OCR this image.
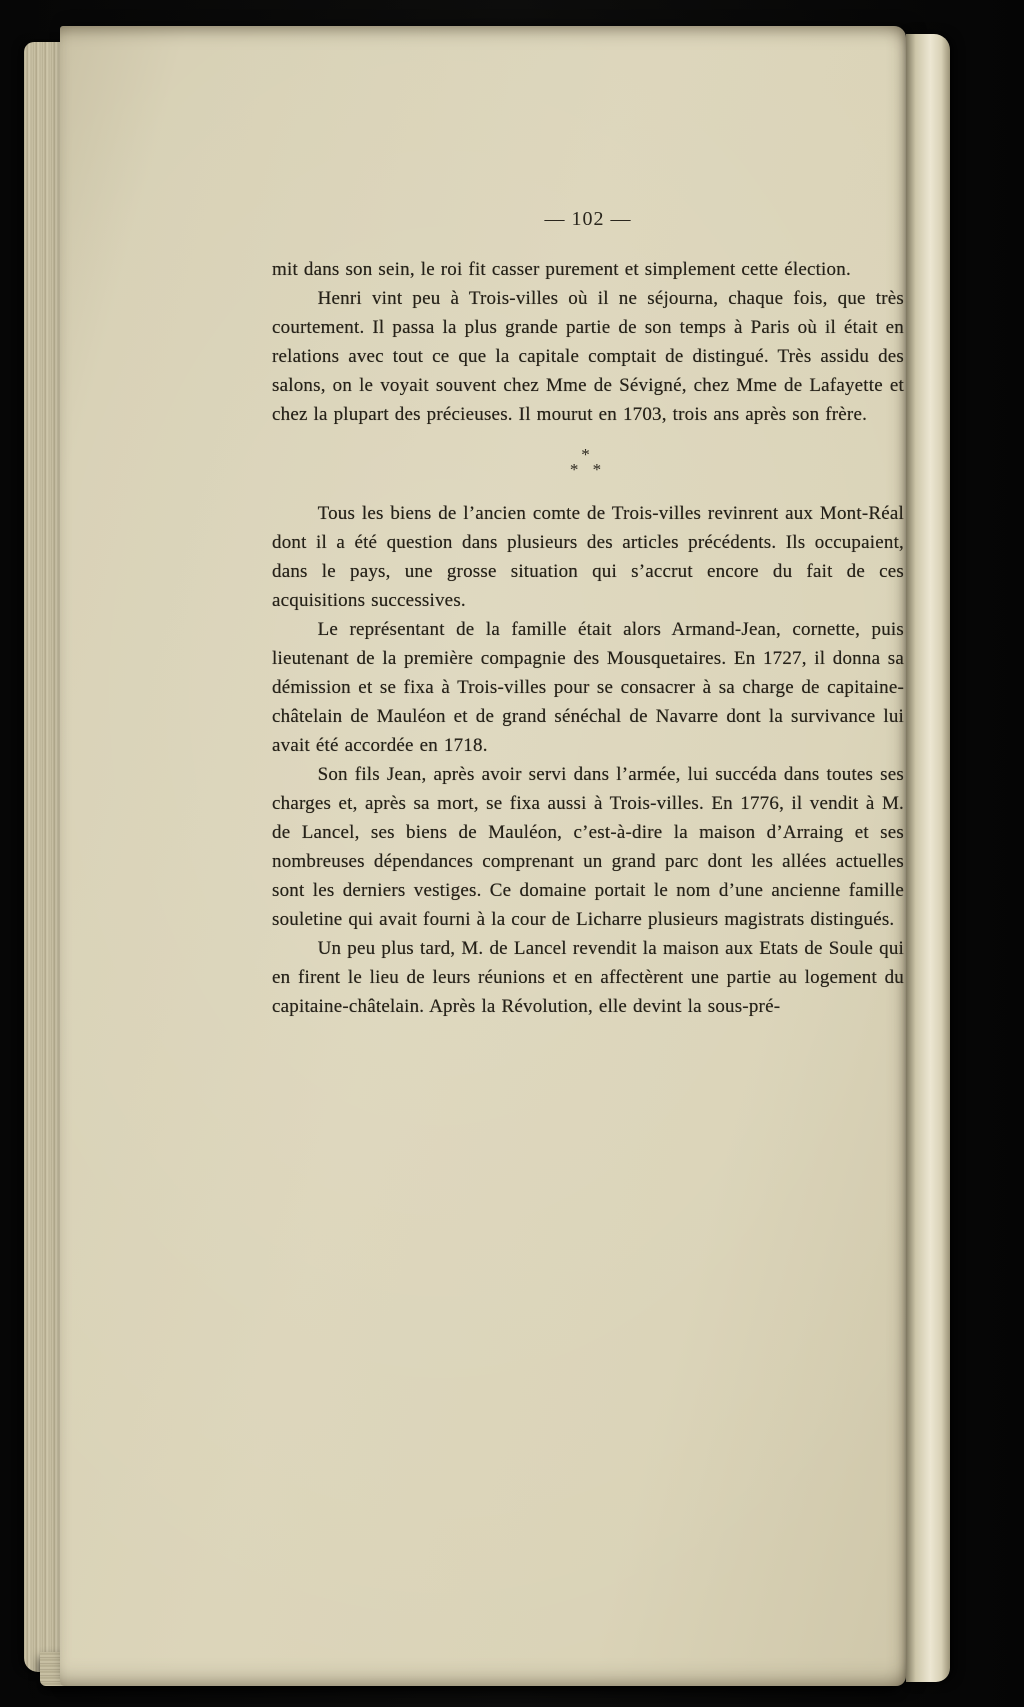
— 102 —

mit dans son sein, le roi fit casser purement et simplement cette élection.

Henri vint peu à Trois-villes où il ne séjourna, chaque fois, que très courtement. Il passa la plus grande partie de son temps à Paris où il était en relations avec tout ce que la capitale comptait de distingué. Très assidu des salons, on le voyait souvent chez Mme de Sévigné, chez Mme de Lafayette et chez la plupart des précieuses. Il mourut en 1703, trois ans après son frère.

*
* *

Tous les biens de l’ancien comte de Trois-villes revinrent aux Mont-Réal dont il a été question dans plusieurs des articles précédents. Ils occupaient, dans le pays, une grosse situation qui s’accrut encore du fait de ces acquisitions successives.

Le représentant de la famille était alors Armand-Jean, cornette, puis lieutenant de la première compagnie des Mousquetaires. En 1727, il donna sa démission et se fixa à Trois-villes pour se consacrer à sa charge de capitaine-châtelain de Mauléon et de grand sénéchal de Navarre dont la survivance lui avait été accordée en 1718.

Son fils Jean, après avoir servi dans l’armée, lui succéda dans toutes ses charges et, après sa mort, se fixa aussi à Trois-villes. En 1776, il vendit à M. de Lancel, ses biens de Mauléon, c’est-à-dire la maison d’Arraing et ses nombreuses dépendances comprenant un grand parc dont les allées actuelles sont les derniers vestiges. Ce domaine portait le nom d’une ancienne famille souletine qui avait fourni à la cour de Licharre plusieurs magistrats distingués.

Un peu plus tard, M. de Lancel revendit la maison aux Etats de Soule qui en firent le lieu de leurs réunions et en affectèrent une partie au logement du capitaine-châtelain. Après la Révolution, elle devint la sous-pré-
